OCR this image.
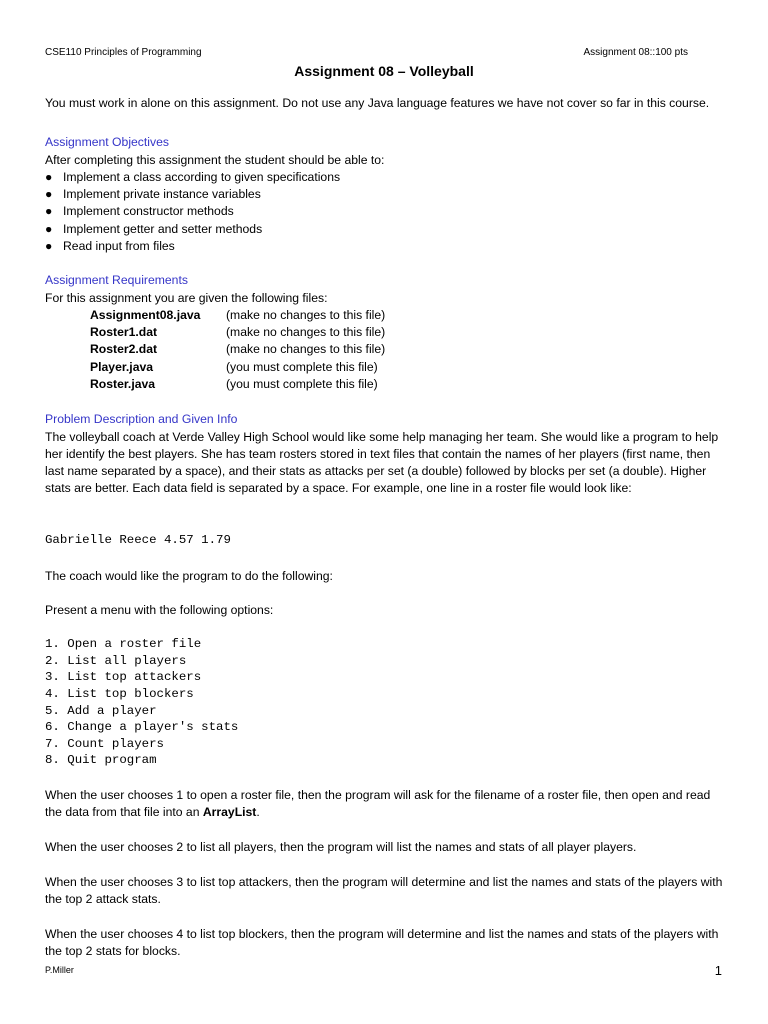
CSE110 Principles of Programming	Assignment 08::100 pts
Assignment 08 – Volleyball
You must work in alone on this assignment. Do not use any Java language features we have not cover so far in this course.
Assignment Objectives
After completing this assignment the student should be able to:
● Implement a class according to given specifications
● Implement private instance variables
● Implement constructor methods
● Implement getter and setter methods
● Read input from files
Assignment Requirements
For this assignment you are given the following files:
Assignment08.java (make no changes to this file)
Roster1.dat	(make no changes to this file)
Roster2.dat	(make no changes to this file)
Player.java	(you must complete this file)
Roster.java	(you must complete this file)
Problem Description and Given Info
The volleyball coach at Verde Valley High School would like some help managing her team. She would like a program to help her identify the best players. She has team rosters stored in text files that contain the names of her players (first name, then last name separated by a space), and their stats as attacks per set (a double) followed by blocks per set (a double). Higher stats are better. Each data field is separated by a space. For example, one line in a roster file would look like:
Gabrielle Reece 4.57 1.79
The coach would like the program to do the following:
Present a menu with the following options:
1. Open a roster file
2. List all players
3. List top attackers
4. List top blockers
5. Add a player
6. Change a player's stats
7. Count players
8. Quit program
When the user chooses 1 to open a roster file, then the program will ask for the filename of a roster file, then open and read the data from that file into an ArrayList.
When the user chooses 2 to list all players, then the program will list the names and stats of all player players.
When the user chooses 3 to list top attackers, then the program will determine and list the names and stats of the players with the top 2 attack stats.
When the user chooses 4 to list top blockers, then the program will determine and list the names and stats of the players with the top 2 stats for blocks.
P.Miller	1
